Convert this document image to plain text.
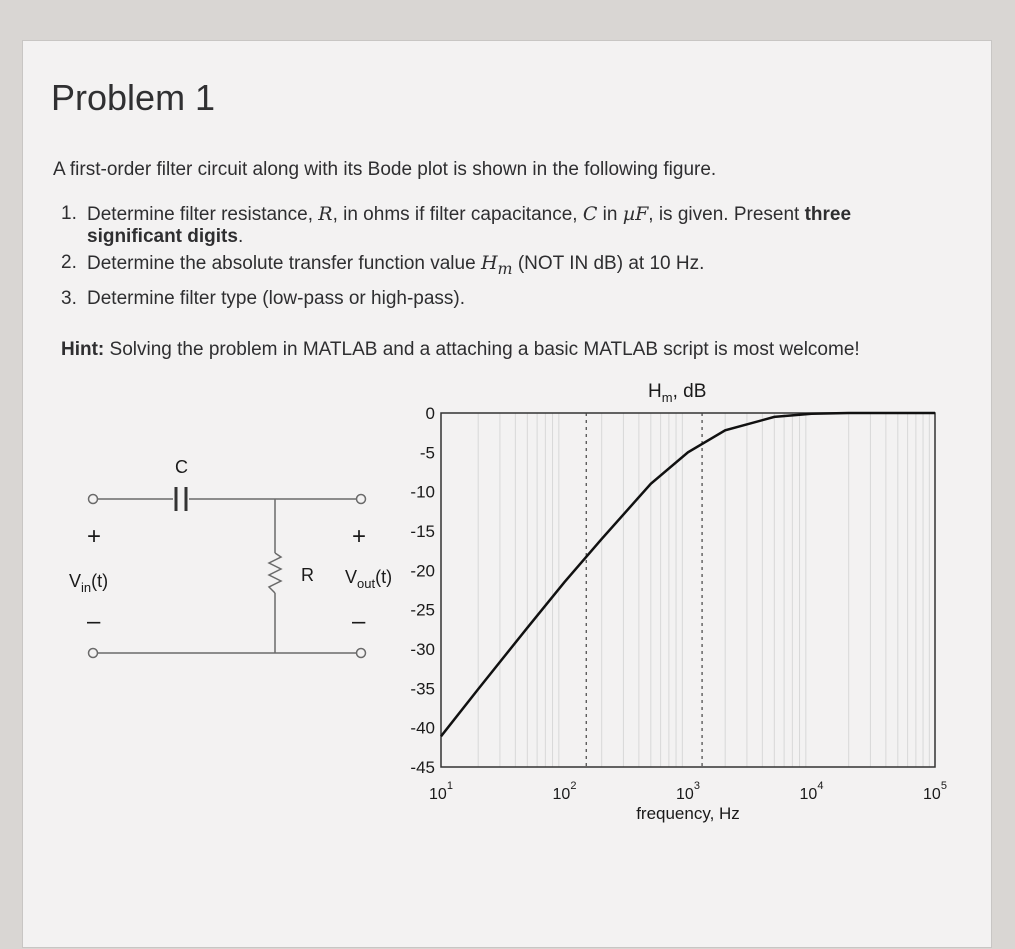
Problem 1
A first-order filter circuit along with its Bode plot is shown in the following figure.
1. Determine filter resistance, R, in ohms if filter capacitance, C in µF, is given. Present three
significant digits.
2. Determine the absolute transfer function value $H_m$ (NOT IN dB) at 10 Hz.
3. Determine filter type (low-pass or high-pass).
Hint: Solving the problem in MATLAB and a attaching a basic MATLAB script is most welcome!
C
R
+
–
+
–
$V_{in}(t)$	$V_{out}(t)$
0
-5
-10
-15
-20
-25
-30
-35
-40
-45
$10^1$	$10^2$	$10^3$	$10^4$	$10^5$
$H_m$, dB
frequency, Hz
